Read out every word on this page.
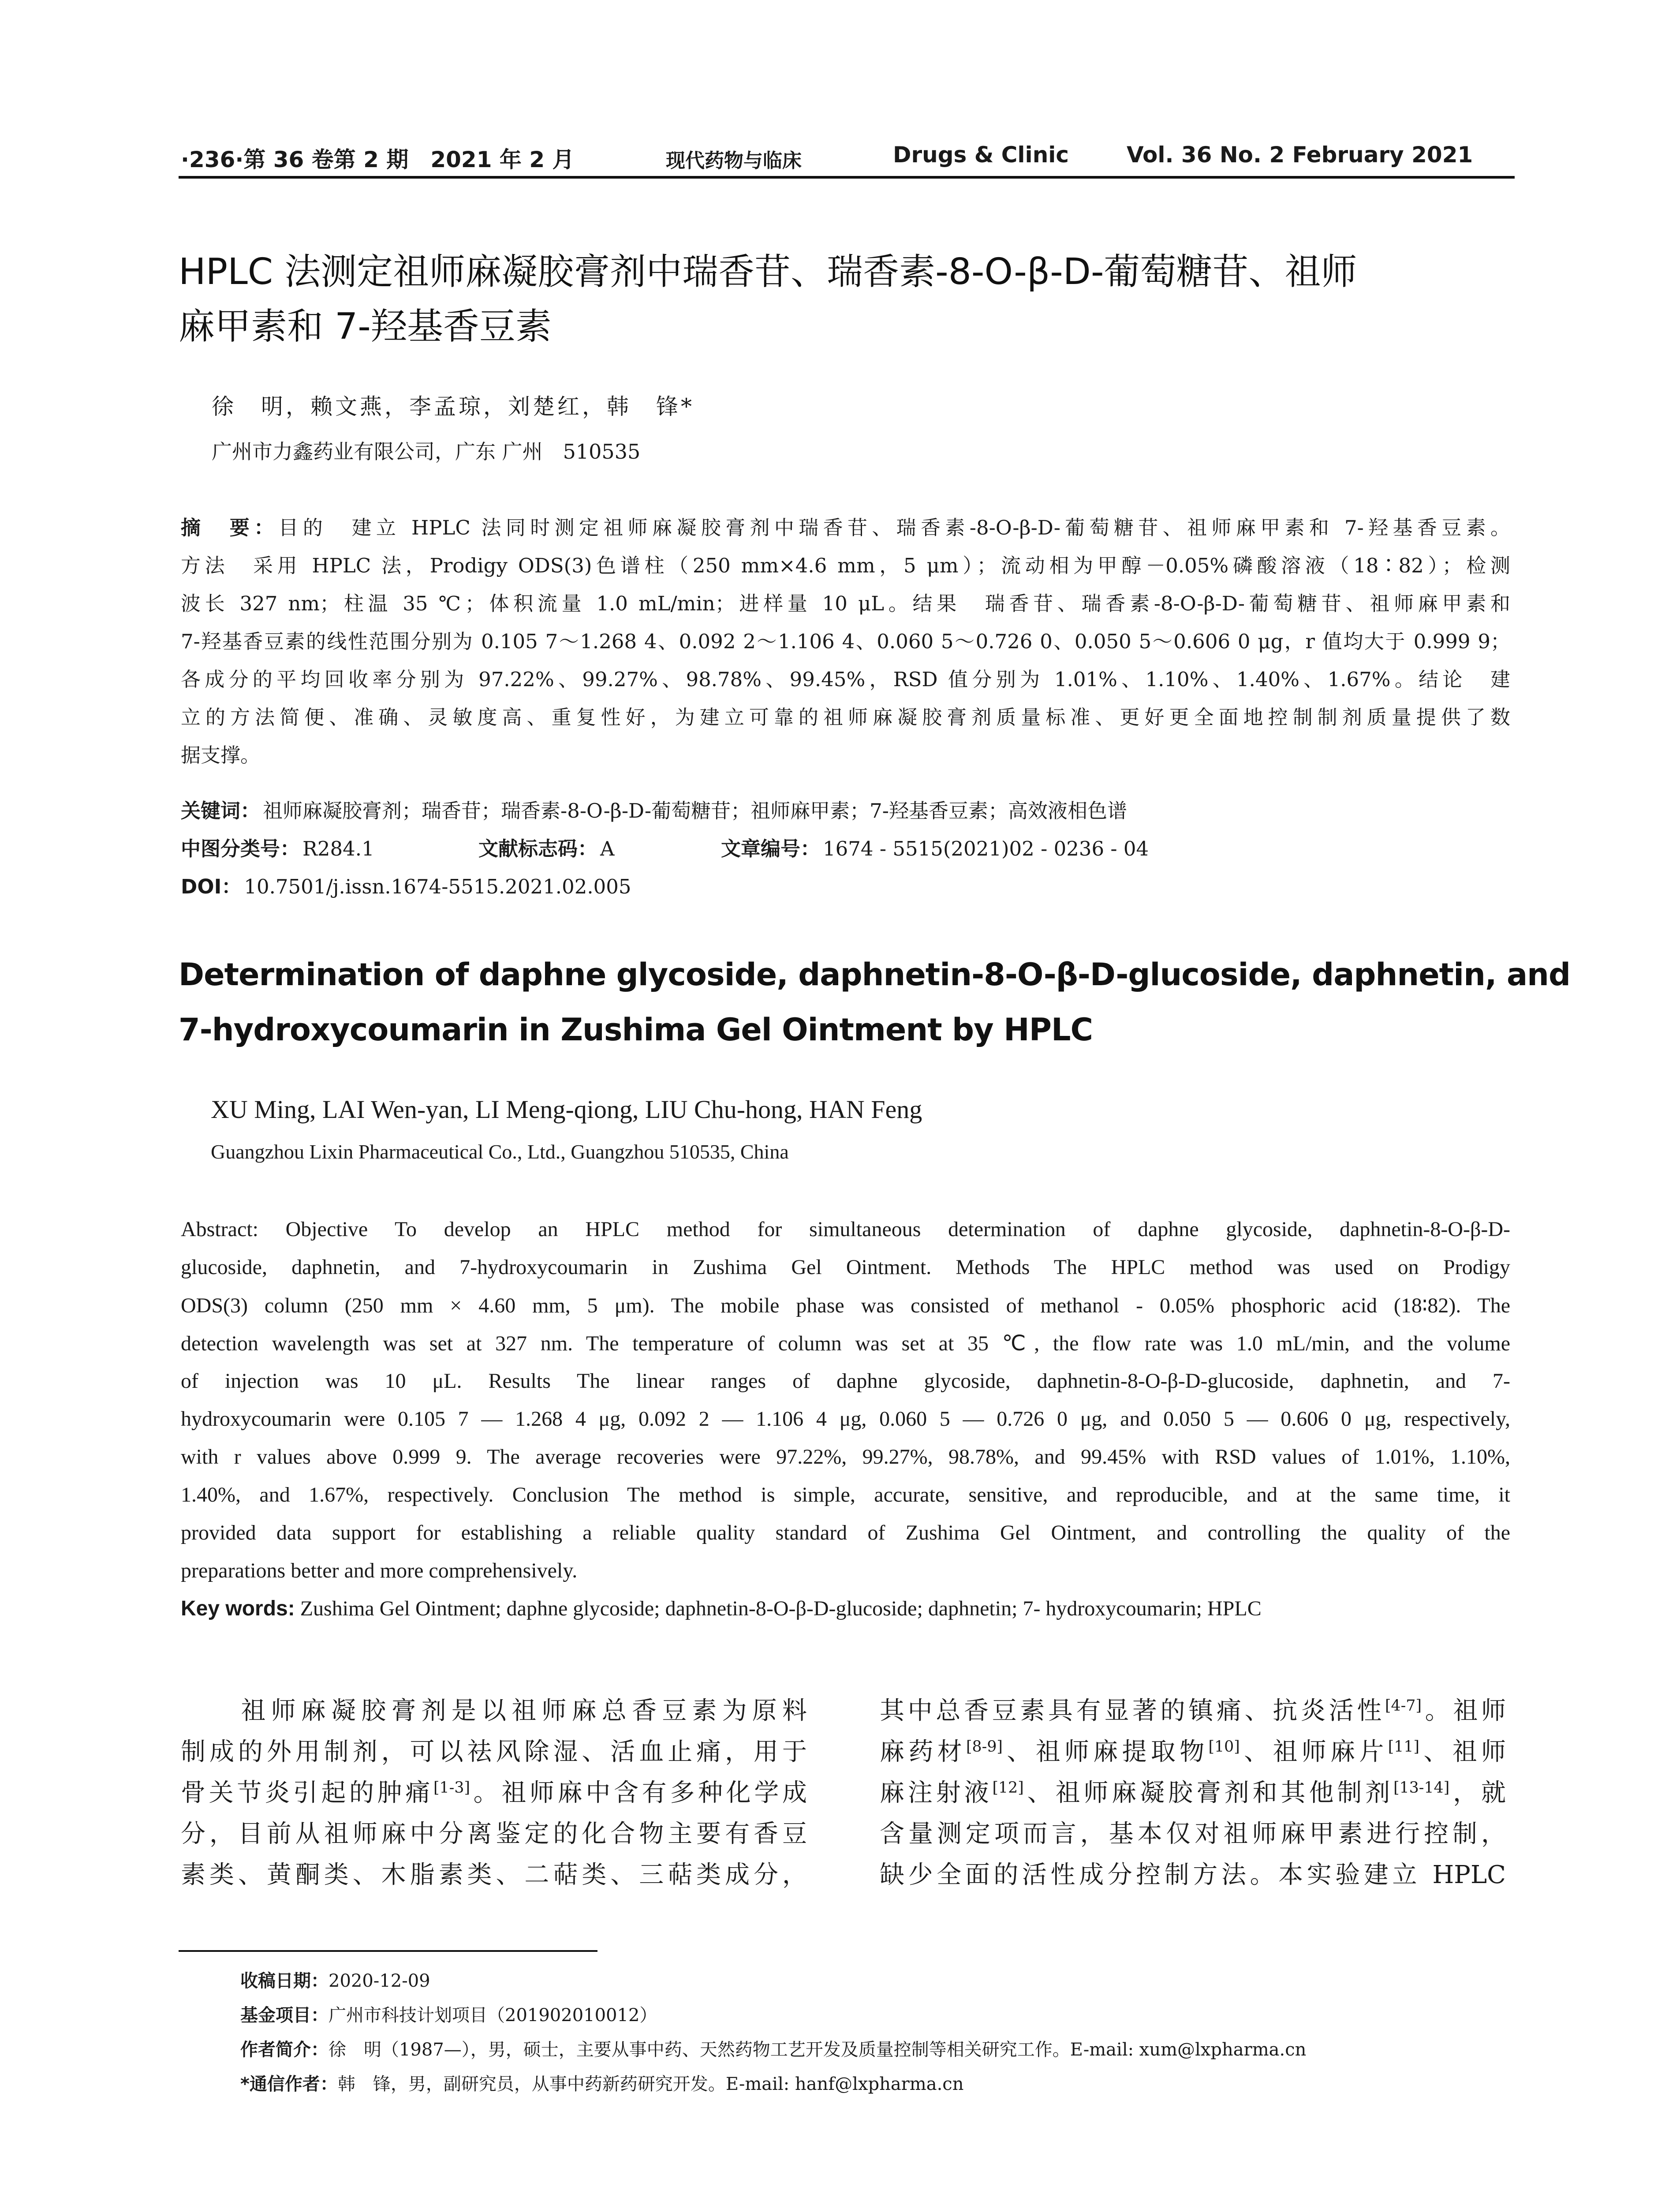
·236·第 36 卷第 2 期　2021 年 2 月	现代药物与临床	Drugs & Clinic	Vol. 36 No. 2 February 2021
HPLC 法测定祖师麻凝胶膏剂中瑞香苷、瑞香素-8-O-β-D-葡萄糖苷、祖师
麻甲素和 7-羟基香豆素
徐　明，赖文燕，李孟琼，刘楚红，韩　锋*
广州市力鑫药业有限公司，广东 广州　510535
摘　要：目的　建立 HPLC 法同时测定祖师麻凝胶膏剂中瑞香苷、瑞香素-8-O-β-D-葡萄糖苷、祖师麻甲素和 7-羟基香豆素。
方法　采用 HPLC 法，Prodigy ODS(3)色谱柱（250 mm×4.6 mm，5 μm）；流动相为甲醇－0.05%磷酸溶液（18∶82）；检测
波长 327 nm；柱温 35 ℃；体积流量 1.0 mL/min；进样量 10 μL。结果　瑞香苷、瑞香素-8-O-β-D-葡萄糖苷、祖师麻甲素和
7-羟基香豆素的线性范围分别为 0.105 7～1.268 4、0.092 2～1.106 4、0.060 5～0.726 0、0.050 5～0.606 0 μg，r 值均大于 0.999 9；
各成分的平均回收率分别为 97.22%、99.27%、98.78%、99.45%，RSD 值分别为 1.01%、1.10%、1.40%、1.67%。结论　建
立的方法简便、准确、灵敏度高、重复性好，为建立可靠的祖师麻凝胶膏剂质量标准、更好更全面地控制制剂质量提供了数
据支撑。
关键词： 祖师麻凝胶膏剂；瑞香苷；瑞香素-8-O-β-D-葡萄糖苷；祖师麻甲素；7-羟基香豆素；高效液相色谱
中图分类号： R284.1	文献标志码： A	文章编号： 1674 - 5515(2021)02 - 0236 - 04
DOI： 10.7501/j.issn.1674-5515.2021.02.005
Determination of daphne glycoside, daphnetin-8-O-β-D-glucoside, daphnetin, and
7-hydroxycoumarin in Zushima Gel Ointment by HPLC
XU Ming, LAI Wen-yan, LI Meng-qiong, LIU Chu-hong, HAN Feng
Guangzhou Lixin Pharmaceutical Co., Ltd., Guangzhou 510535, China
Abstract: Objective To develop an HPLC method for simultaneous determination of daphne glycoside, daphnetin-8-O-β-D-
glucoside, daphnetin, and 7-hydroxycoumarin in Zushima Gel Ointment. Methods The HPLC method was used on Prodigy
ODS(3) column (250 mm × 4.60 mm, 5 μm). The mobile phase was consisted of methanol - 0.05% phosphoric acid (18∶82). The
detection wavelength was set at 327 nm. The temperature of column was set at 35 ℃, the flow rate was 1.0 mL/min, and the volume
of injection was 10 μL. Results The linear ranges of daphne glycoside, daphnetin-8-O-β-D-glucoside, daphnetin, and 7-
hydroxycoumarin were 0.105 7 — 1.268 4 μg, 0.092 2 — 1.106 4 μg, 0.060 5 — 0.726 0 μg, and 0.050 5 — 0.606 0 μg, respectively,
with r values above 0.999 9. The average recoveries were 97.22%, 99.27%, 98.78%, and 99.45% with RSD values of 1.01%, 1.10%,
1.40%, and 1.67%, respectively. Conclusion The method is simple, accurate, sensitive, and reproducible, and at the same time, it
provided data support for establishing a reliable quality standard of Zushima Gel Ointment, and controlling the quality of the
preparations better and more comprehensively.
Key words: Zushima Gel Ointment; daphne glycoside; daphnetin-8-O-β-D-glucoside; daphnetin; 7- hydroxycoumarin; HPLC
　　祖师麻凝胶膏剂是以祖师麻总香豆素为原料
制成的外用制剂，可以祛风除湿、活血止痛，用于
骨关节炎引起的肿痛[1-3]。祖师麻中含有多种化学成
分，目前从祖师麻中分离鉴定的化合物主要有香豆
素类、黄酮类、木脂素类、二萜类、三萜类成分，
其中总香豆素具有显著的镇痛、抗炎活性[4-7]。祖师
麻药材[8-9]、祖师麻提取物[10]、祖师麻片[11]、祖师
麻注射液[12]、祖师麻凝胶膏剂和其他制剂[13-14]，就
含量测定项而言，基本仅对祖师麻甲素进行控制，
缺少全面的活性成分控制方法。本实验建立 HPLC
收稿日期：2020-12-09
基金项目：广州市科技计划项目（201902010012）
作者简介：徐　明（1987—），男，硕士，主要从事中药、天然药物工艺开发及质量控制等相关研究工作。E-mail: xum@lxpharma.cn
*通信作者：韩　锋，男，副研究员，从事中药新药研究开发。E-mail: hanf@lxpharma.cn
